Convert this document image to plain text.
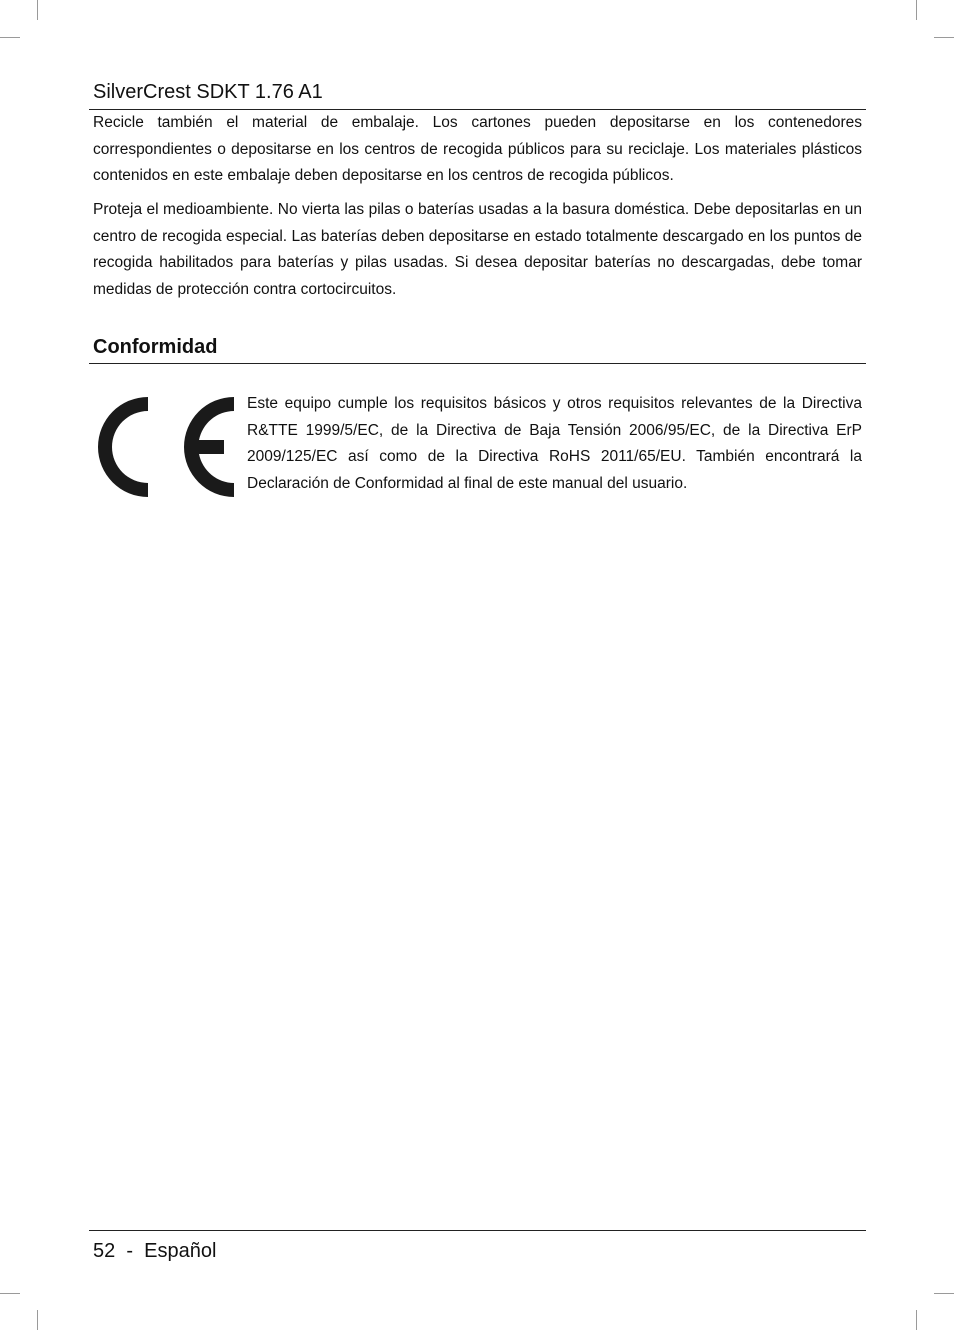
SilverCrest SDKT 1.76 A1

Recicle también el material de embalaje. Los cartones pueden depositarse en los contenedores correspondientes o depositarse en los centros de recogida públicos para su reciclaje. Los materiales plásticos contenidos en este embalaje deben depositarse en los centros de recogida públicos.

Proteja el medioambiente. No vierta las pilas o baterías usadas a la basura doméstica. Debe depositarlas en un centro de recogida especial. Las baterías deben depositarse en estado totalmente descargado en los puntos de recogida habilitados para baterías y pilas usadas. Si desea depositar baterías no descargadas, debe tomar medidas de protección contra cortocircuitos.

Conformidad

Este equipo cumple los requisitos básicos y otros requisitos relevantes de la Directiva R&TTE 1999/5/EC, de la Directiva de Baja Tensión 2006/95/EC, de la Directiva ErP 2009/125/EC así como de la Directiva RoHS 2011/65/EU. También encontrará la Declaración de Conformidad al final de este manual del usuario.

52 - Español
